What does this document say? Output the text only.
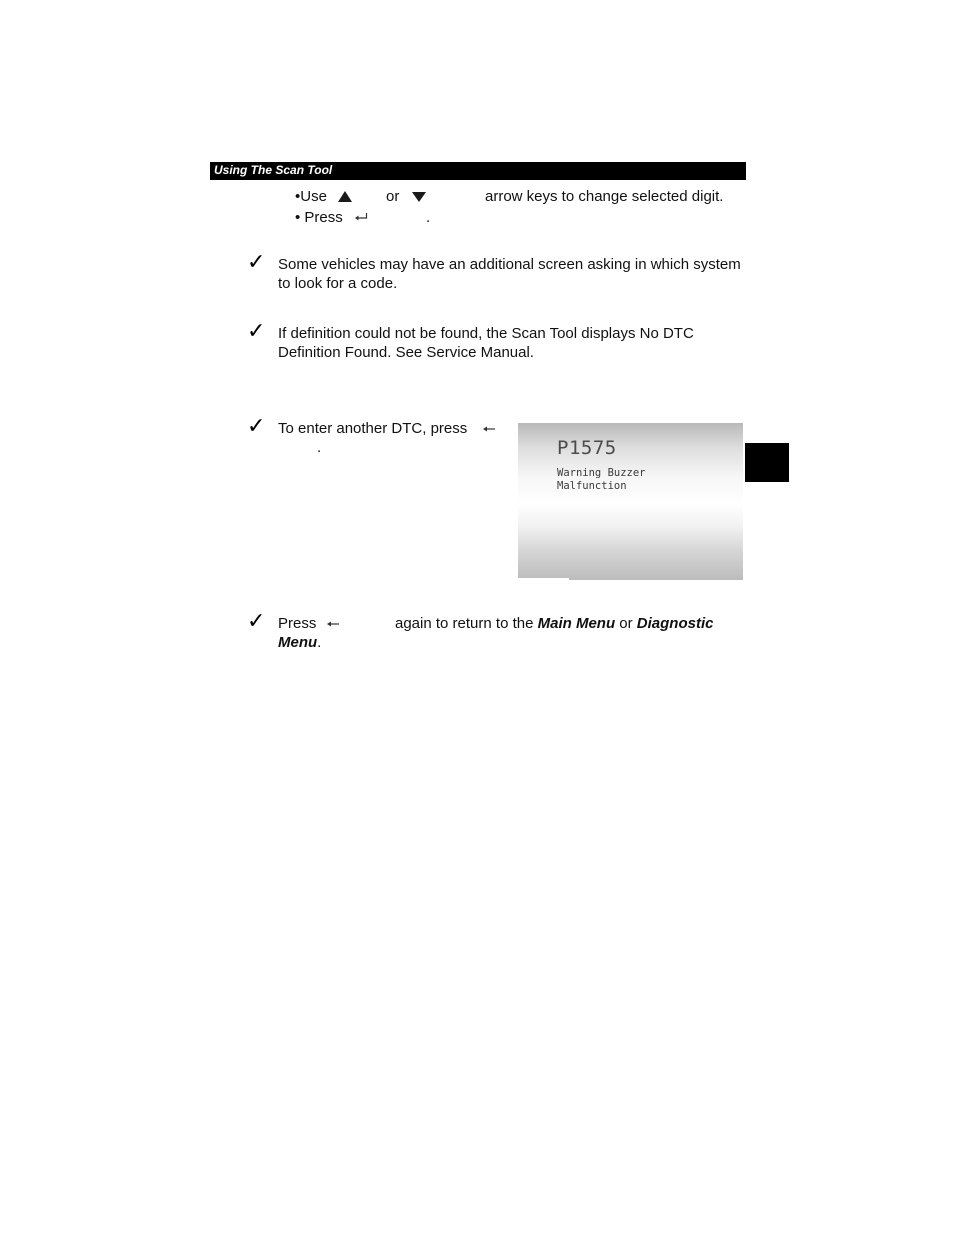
Using The Scan Tool
•Use	or	arrow keys to change selected digit.
• Press	.
✓ Some vehicles may have an additional screen asking in which system
to look for a code.
✓ If definition could not be found, the Scan Tool displays No DTC
Definition Found. See Service Manual.
✓ To enter another DTC, press
.	P1575
Warning Buzzer
Malfunction
✓ Press	again to return to the Main Menu or Diagnostic
Menu.
